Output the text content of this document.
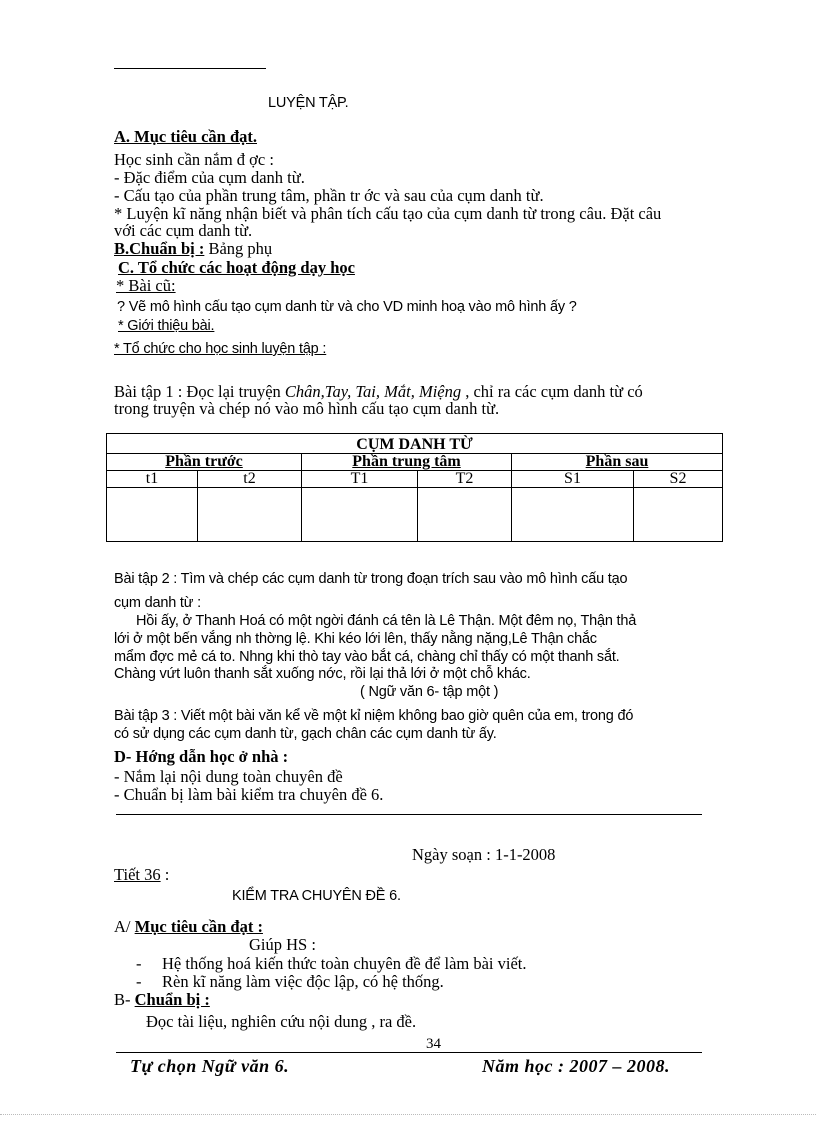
LUYỆN TẬP.
A. Mục tiêu cần đạt.
Học sinh cần nắm đ ợc :
- Đặc điểm của cụm danh từ.
- Cấu tạo của phần trung tâm, phần tr ớc và sau của cụm danh từ.
* Luyện kĩ năng nhận biết và phân tích cấu tạo của cụm danh từ trong câu. Đặt câu
với các cụm danh từ.
B.Chuẩn bị : Bảng phụ
C. Tổ chức các hoạt động dạy học
* Bài cũ:
? Vẽ mô hình cấu tạo cụm danh từ và cho VD minh hoạ vào mô hình ấy ?
* Giới thiệu bài.
* Tổ chức cho học sinh luyện tập :
Bài tập 1 : Đọc lại truyện Chân,Tay, Tai, Mắt, Miệng , chỉ ra các cụm danh từ có
trong truyện và chép nó vào mô hình cấu tạo cụm danh từ.
CỤM DANH TỪ					
Phần trước		Phần trung tâm		Phần sau	
t1	t2	T1	T2	S1	S2

Bài tập 2 : Tìm và chép các cụm danh từ trong đoạn trích sau vào mô hình cấu tạo
cụm danh từ :
Hồi ấy, ở Thanh Hoá có một ngời đánh cá tên là Lê Thận. Một đêm nọ, Thận thả
lới ở một bến vắng nh thờng lệ. Khi kéo lới lên, thấy nằng nặng,Lê Thận chắc
mẩm đợc mẻ cá to. Nhng khi thò tay vào bắt cá, chàng chỉ thấy có một thanh sắt.
Chàng vứt luôn thanh sắt xuống nớc, rồi lại thả lới ở một chỗ khác.
( Ngữ văn 6- tập một )
Bài tập 3 : Viết một bài văn kể về một kỉ niệm không bao giờ quên của em, trong đó
có sử dụng các cụm danh từ, gạch chân các cụm danh từ ấy.
D- Hớng dẫn học ở nhà :
- Nắm lại nội dung toàn chuyên đề
- Chuẩn bị làm bài kiểm tra chuyên đề 6.
Ngày soạn : 1-1-2008
Tiết 36 :
KIỂM TRA CHUYÊN ĐỀ 6.
A/ Mục tiêu cần đạt :
Giúp HS :
- Hệ thống hoá kiến thức toàn chuyên đề để làm bài viết.
- Rèn kĩ năng làm việc độc lập, có hệ thống.
B- Chuẩn bị :
Đọc tài liệu, nghiên cứu nội dung , ra đề.
34
Tự chọn Ngữ văn 6.	Năm học : 2007 – 2008.
